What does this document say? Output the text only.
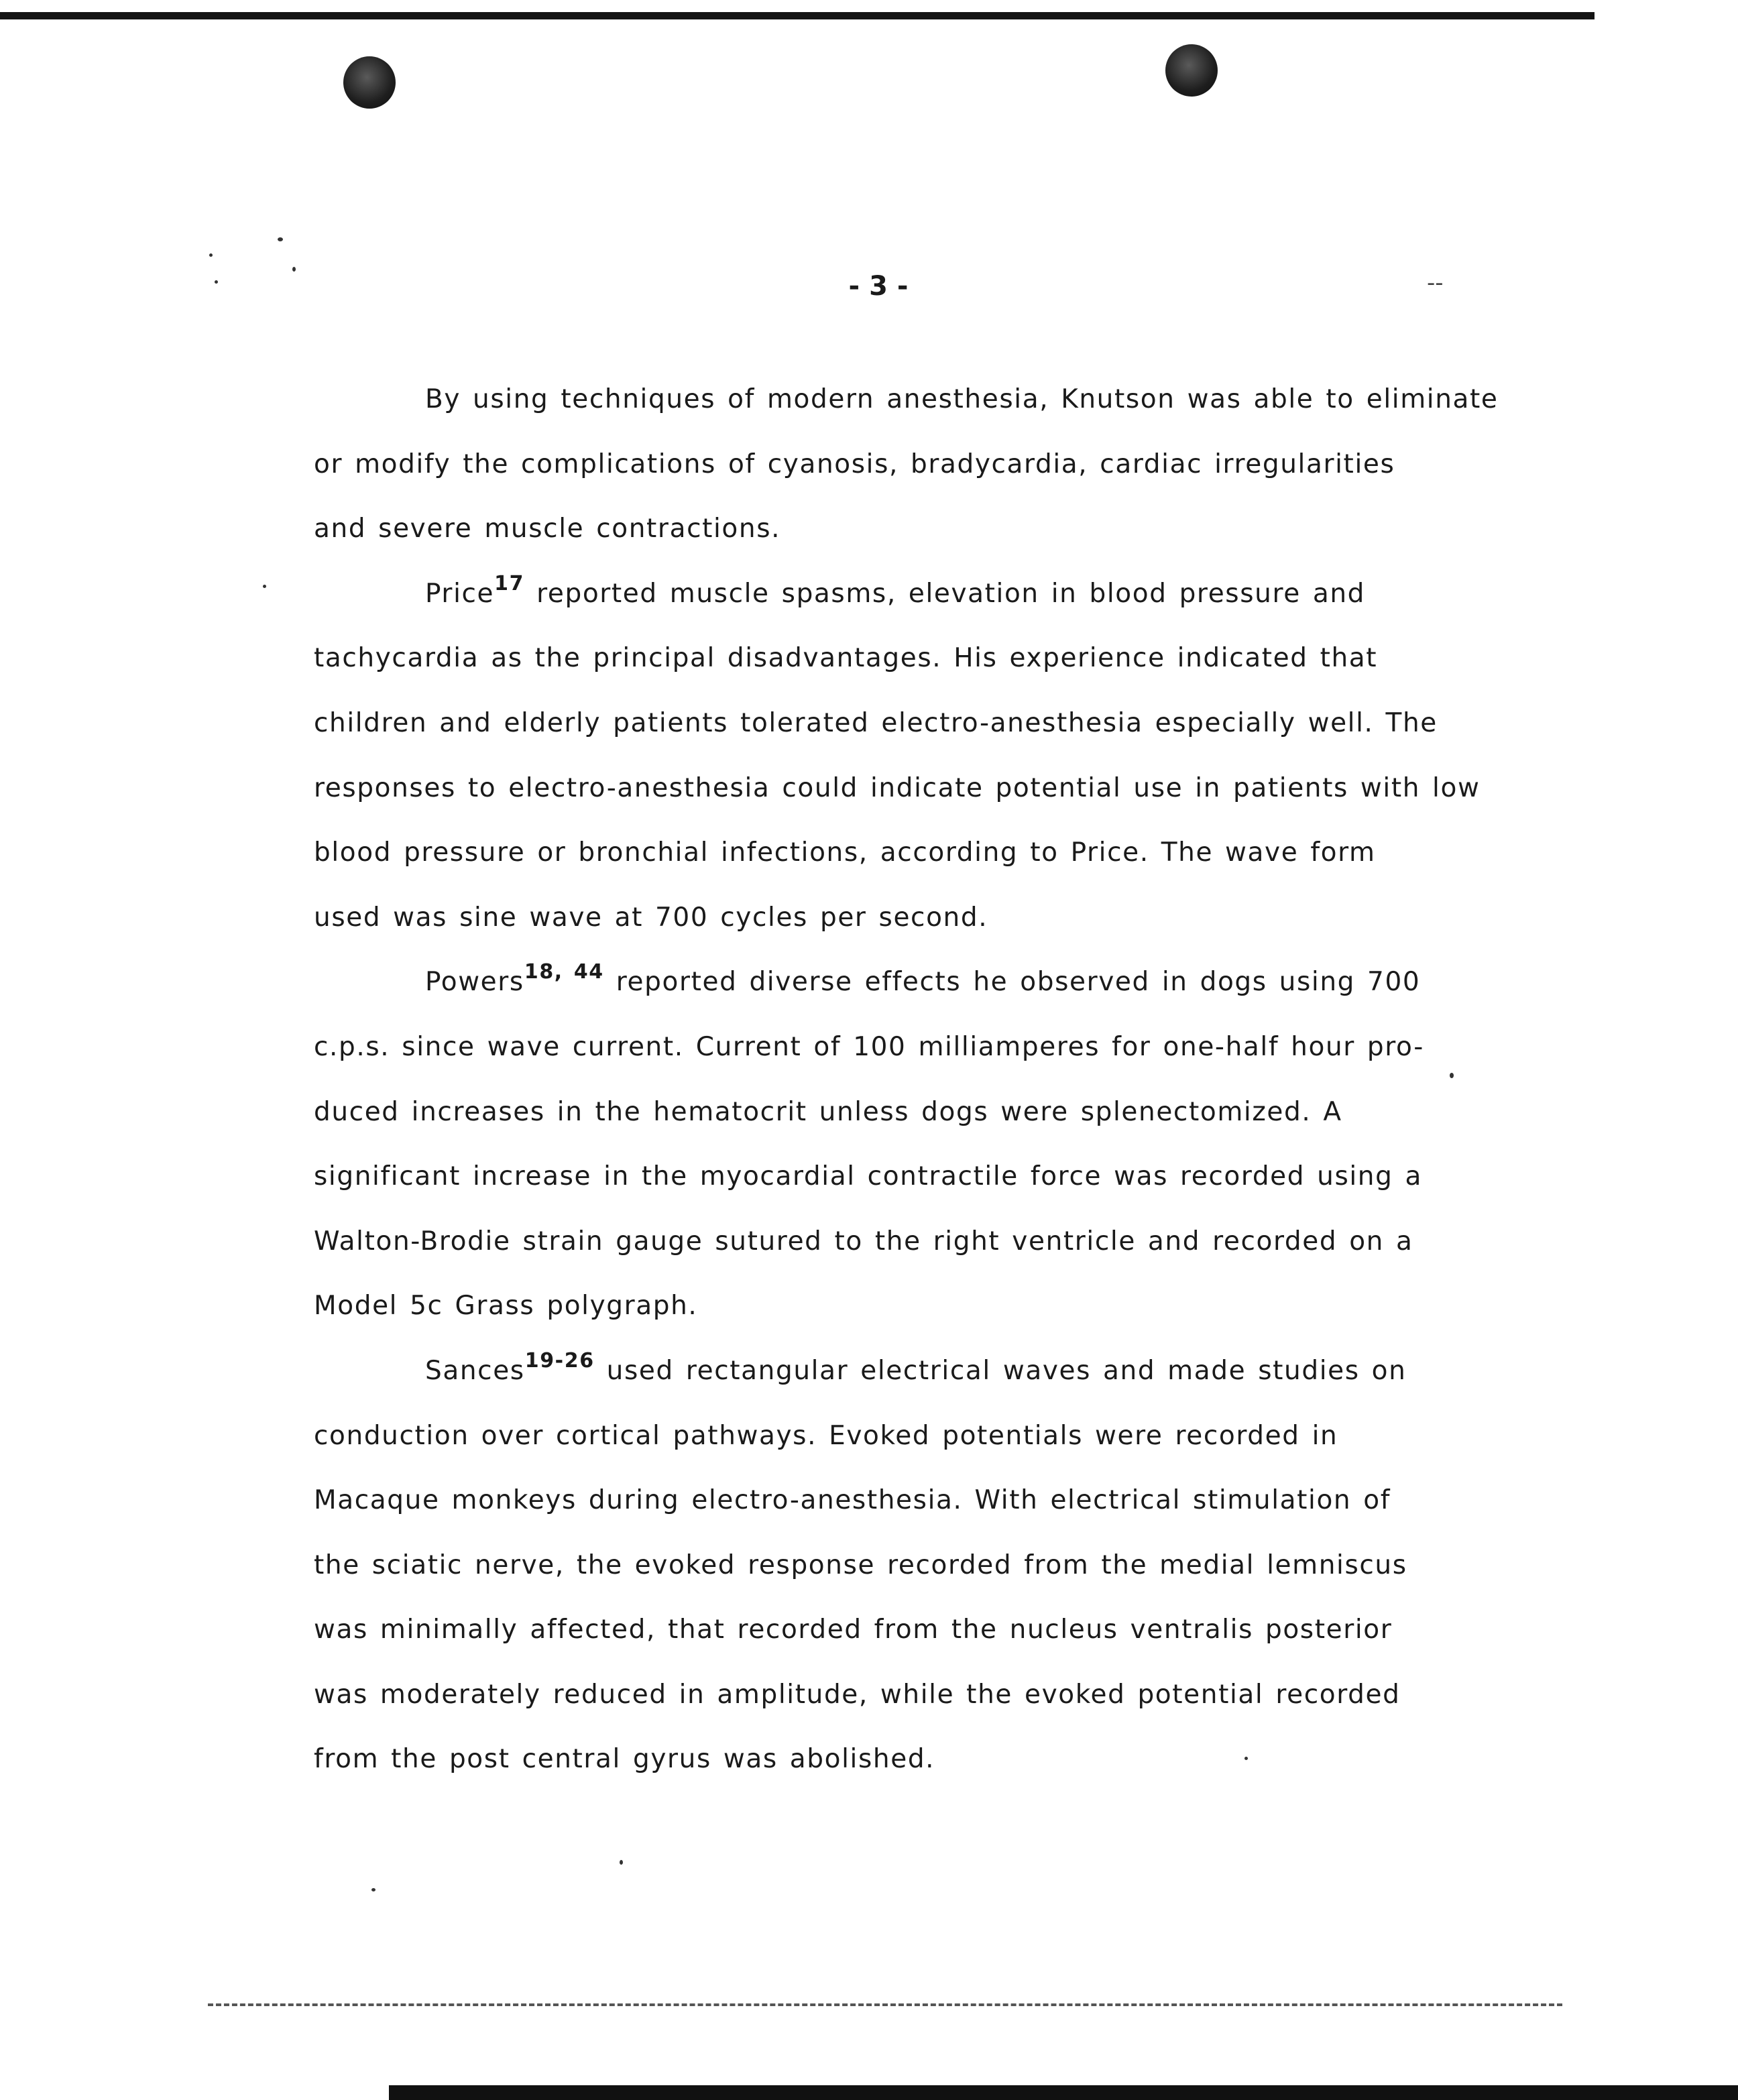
- 3 -	--
By using techniques of modern anesthesia, Knutson was able to eliminate
or modify the complications of cyanosis, bradycardia, cardiac irregularities
and severe muscle contractions.
Price$^{17}$ reported muscle spasms, elevation in blood pressure and
tachycardia as the principal disadvantages. His experience indicated that
children and elderly patients tolerated electro-anesthesia especially well. The
responses to electro-anesthesia could indicate potential use in patients with low
blood pressure or bronchial infections, according to Price. The wave form
used was sine wave at 700 cycles per second.
Powers$^{18, 44}$ reported diverse effects he observed in dogs using 700
c.p.s. since wave current. Current of 100 milliamperes for one-half hour pro-
duced increases in the hematocrit unless dogs were splenectomized. A
significant increase in the myocardial contractile force was recorded using a
Walton-Brodie strain gauge sutured to the right ventricle and recorded on a
Model 5c Grass polygraph.
Sances$^{19-26}$ used rectangular electrical waves and made studies on
conduction over cortical pathways. Evoked potentials were recorded in
Macaque monkeys during electro-anesthesia. With electrical stimulation of
the sciatic nerve, the evoked response recorded from the medial lemniscus
was minimally affected, that recorded from the nucleus ventralis posterior
was moderately reduced in amplitude, while the evoked potential recorded
from the post central gyrus was abolished.
